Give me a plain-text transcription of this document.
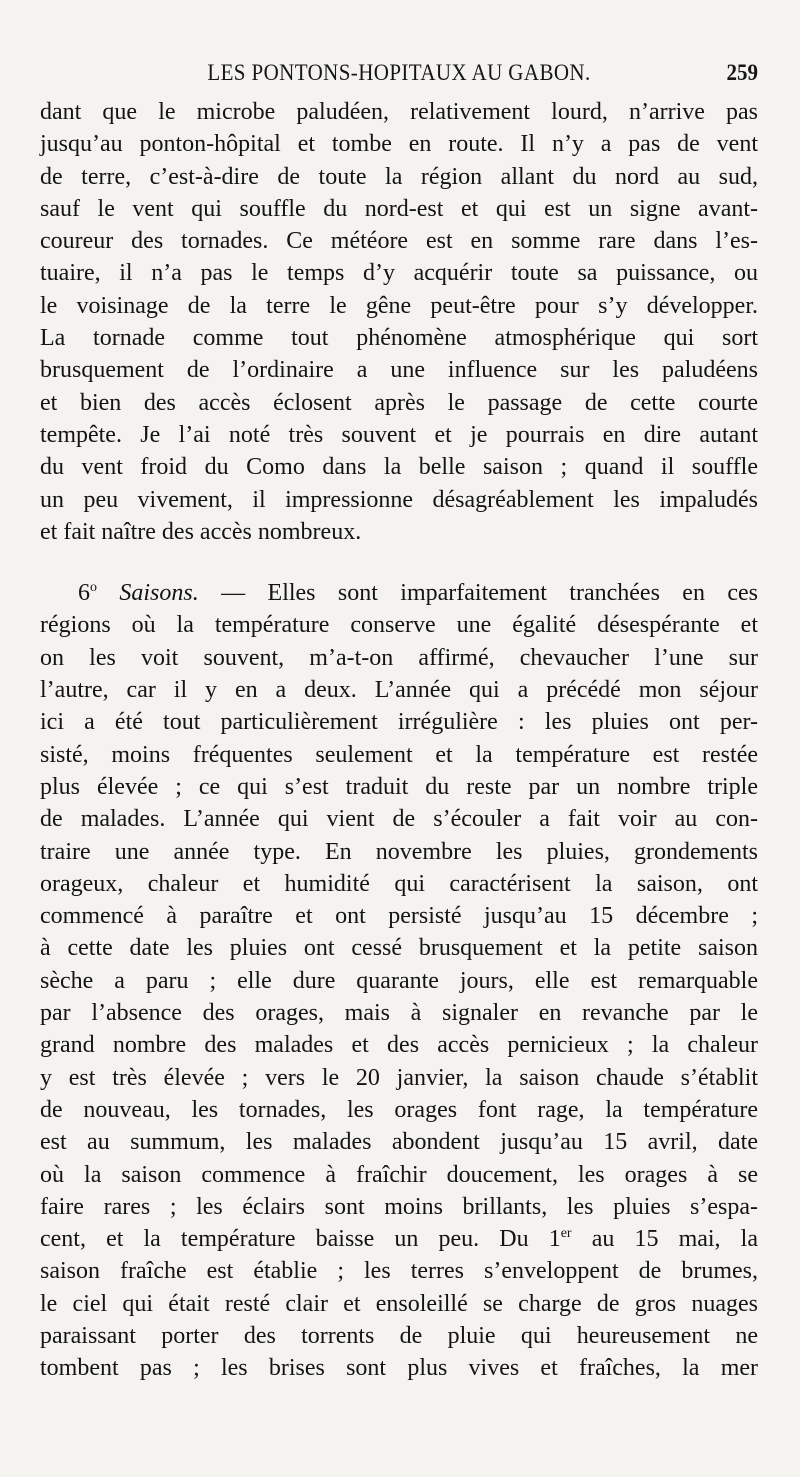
LES PONTONS-HOPITAUX AU GABON.	259
dant que le microbe paludéen, relativement lourd, n’arrive pas
jusqu’au ponton-hôpital et tombe en route. Il n’y a pas de vent
de terre, c’est-à-dire de toute la région allant du nord au sud,
sauf le vent qui souffle du nord-est et qui est un signe avant-
coureur des tornades. Ce météore est en somme rare dans l’es-
tuaire, il n’a pas le temps d’y acquérir toute sa puissance, ou
le voisinage de la terre le gêne peut-être pour s’y développer.
La tornade comme tout phénomène atmosphérique qui sort
brusquement de l’ordinaire a une influence sur les paludéens
et bien des accès éclosent après le passage de cette courte
tempête. Je l’ai noté très souvent et je pourrais en dire autant
du vent froid du Como dans la belle saison ; quand il souffle
un peu vivement, il impressionne désagréablement les impaludés
et fait naître des accès nombreux.
6$^o$ Saisons. — Elles sont imparfaitement tranchées en ces
régions où la température conserve une égalité désespérante et
on les voit souvent, m’a-t-on affirmé, chevaucher l’une sur
l’autre, car il y en a deux. L’année qui a précédé mon séjour
ici a été tout particulièrement irrégulière : les pluies ont per-
sisté, moins fréquentes seulement et la température est restée
plus élevée ; ce qui s’est traduit du reste par un nombre triple
de malades. L’année qui vient de s’écouler a fait voir au con-
traire une année type. En novembre les pluies, grondements
orageux, chaleur et humidité qui caractérisent la saison, ont
commencé à paraître et ont persisté jusqu’au 15 décembre ;
à cette date les pluies ont cessé brusquement et la petite saison
sèche a paru ; elle dure quarante jours, elle est remarquable
par l’absence des orages, mais à signaler en revanche par le
grand nombre des malades et des accès pernicieux ; la chaleur
y est très élevée ; vers le 20 janvier, la saison chaude s’établit
de nouveau, les tornades, les orages font rage, la température
est au summum, les malades abondent jusqu’au 15 avril, date
où la saison commence à fraîchir doucement, les orages à se
faire rares ; les éclairs sont moins brillants, les pluies s’espa-
cent, et la température baisse un peu. Du 1er au 15 mai, la
saison fraîche est établie ; les terres s’enveloppent de brumes,
le ciel qui était resté clair et ensoleillé se charge de gros nuages
paraissant porter des torrents de pluie qui heureusement ne
tombent pas ; les brises sont plus vives et fraîches, la mer
